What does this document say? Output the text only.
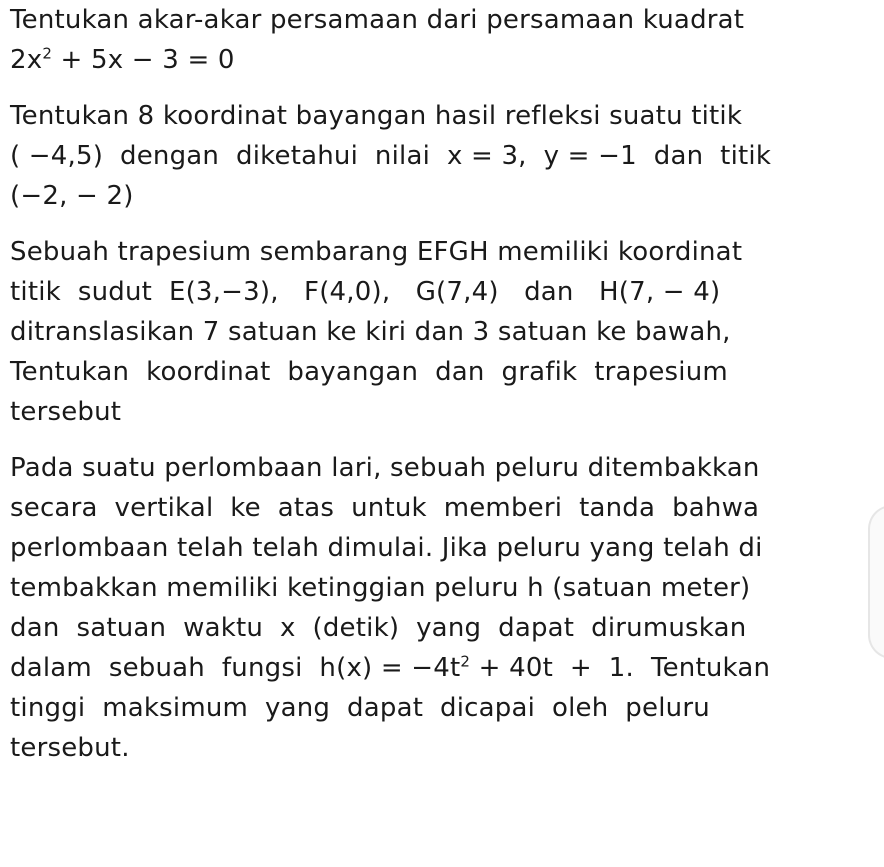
Tentukan akar-akar persamaan dari persamaan kuadrat
$2x^2 + 5x - 3 = 0$
Tentukan 8 koordinat bayangan hasil refleksi suatu titik
( −4,5)  dengan  diketahui  nilai  x = 3,  y = −1  dan  titik
(−2, − 2)
Sebuah trapesium sembarang EFGH memiliki koordinat
titik  sudut  E(3,−3),   F(4,0),   G(7,4)   dan   H(7, − 4)
ditranslasikan 7 satuan ke kiri dan 3 satuan ke bawah,
Tentukan  koordinat  bayangan  dan  grafik  trapesium
tersebut
Pada suatu perlombaan lari, sebuah peluru ditembakkan
secara  vertikal  ke  atas  untuk  memberi  tanda  bahwa
perlombaan telah telah dimulai. Jika peluru yang telah di
tembakkan memiliki ketinggian peluru h (satuan meter)
dan  satuan  waktu  x  (detik)  yang  dapat  dirumuskan
dalam  sebuah  fungsi  $h(x) = -4t^2 + 40t + 1$.  Tentukan
tinggi  maksimum  yang  dapat  dicapai  oleh  peluru
tersebut.
